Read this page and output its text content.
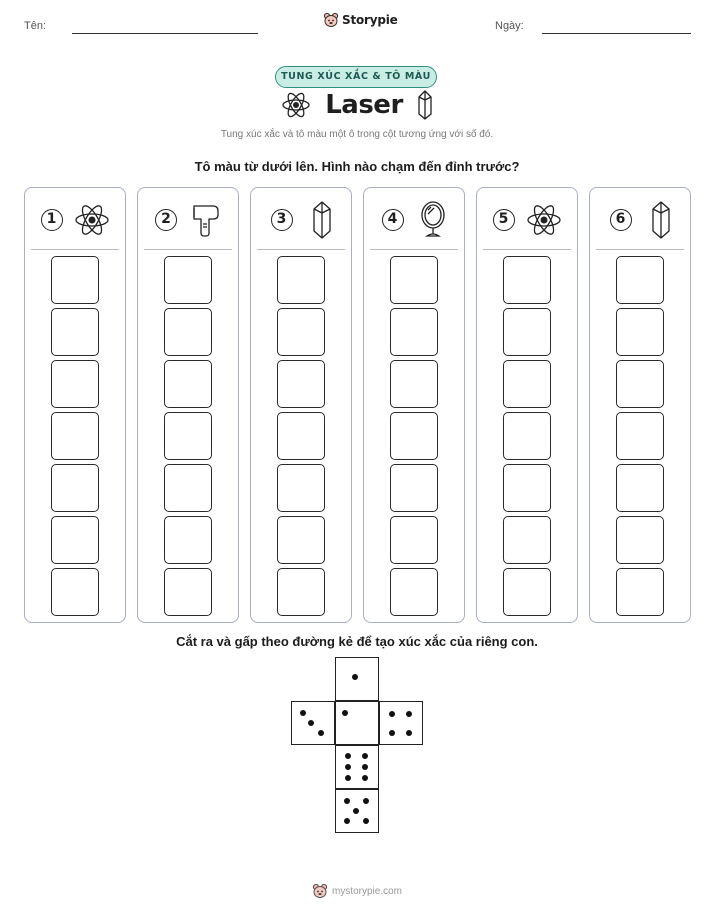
Tên:	Storypie	Ngày:
TUNG XÚC XẮC & TÔ MÀU
Laser
Tung xúc xắc và tô màu một ô trong cột tương ứng với số đó.
Tô màu từ dưới lên. Hình nào chạm đến đỉnh trước?
1	2	3	4	5	6
Cắt ra và gấp theo đường kẻ để tạo xúc xắc của riêng con.
mystorypie.com
